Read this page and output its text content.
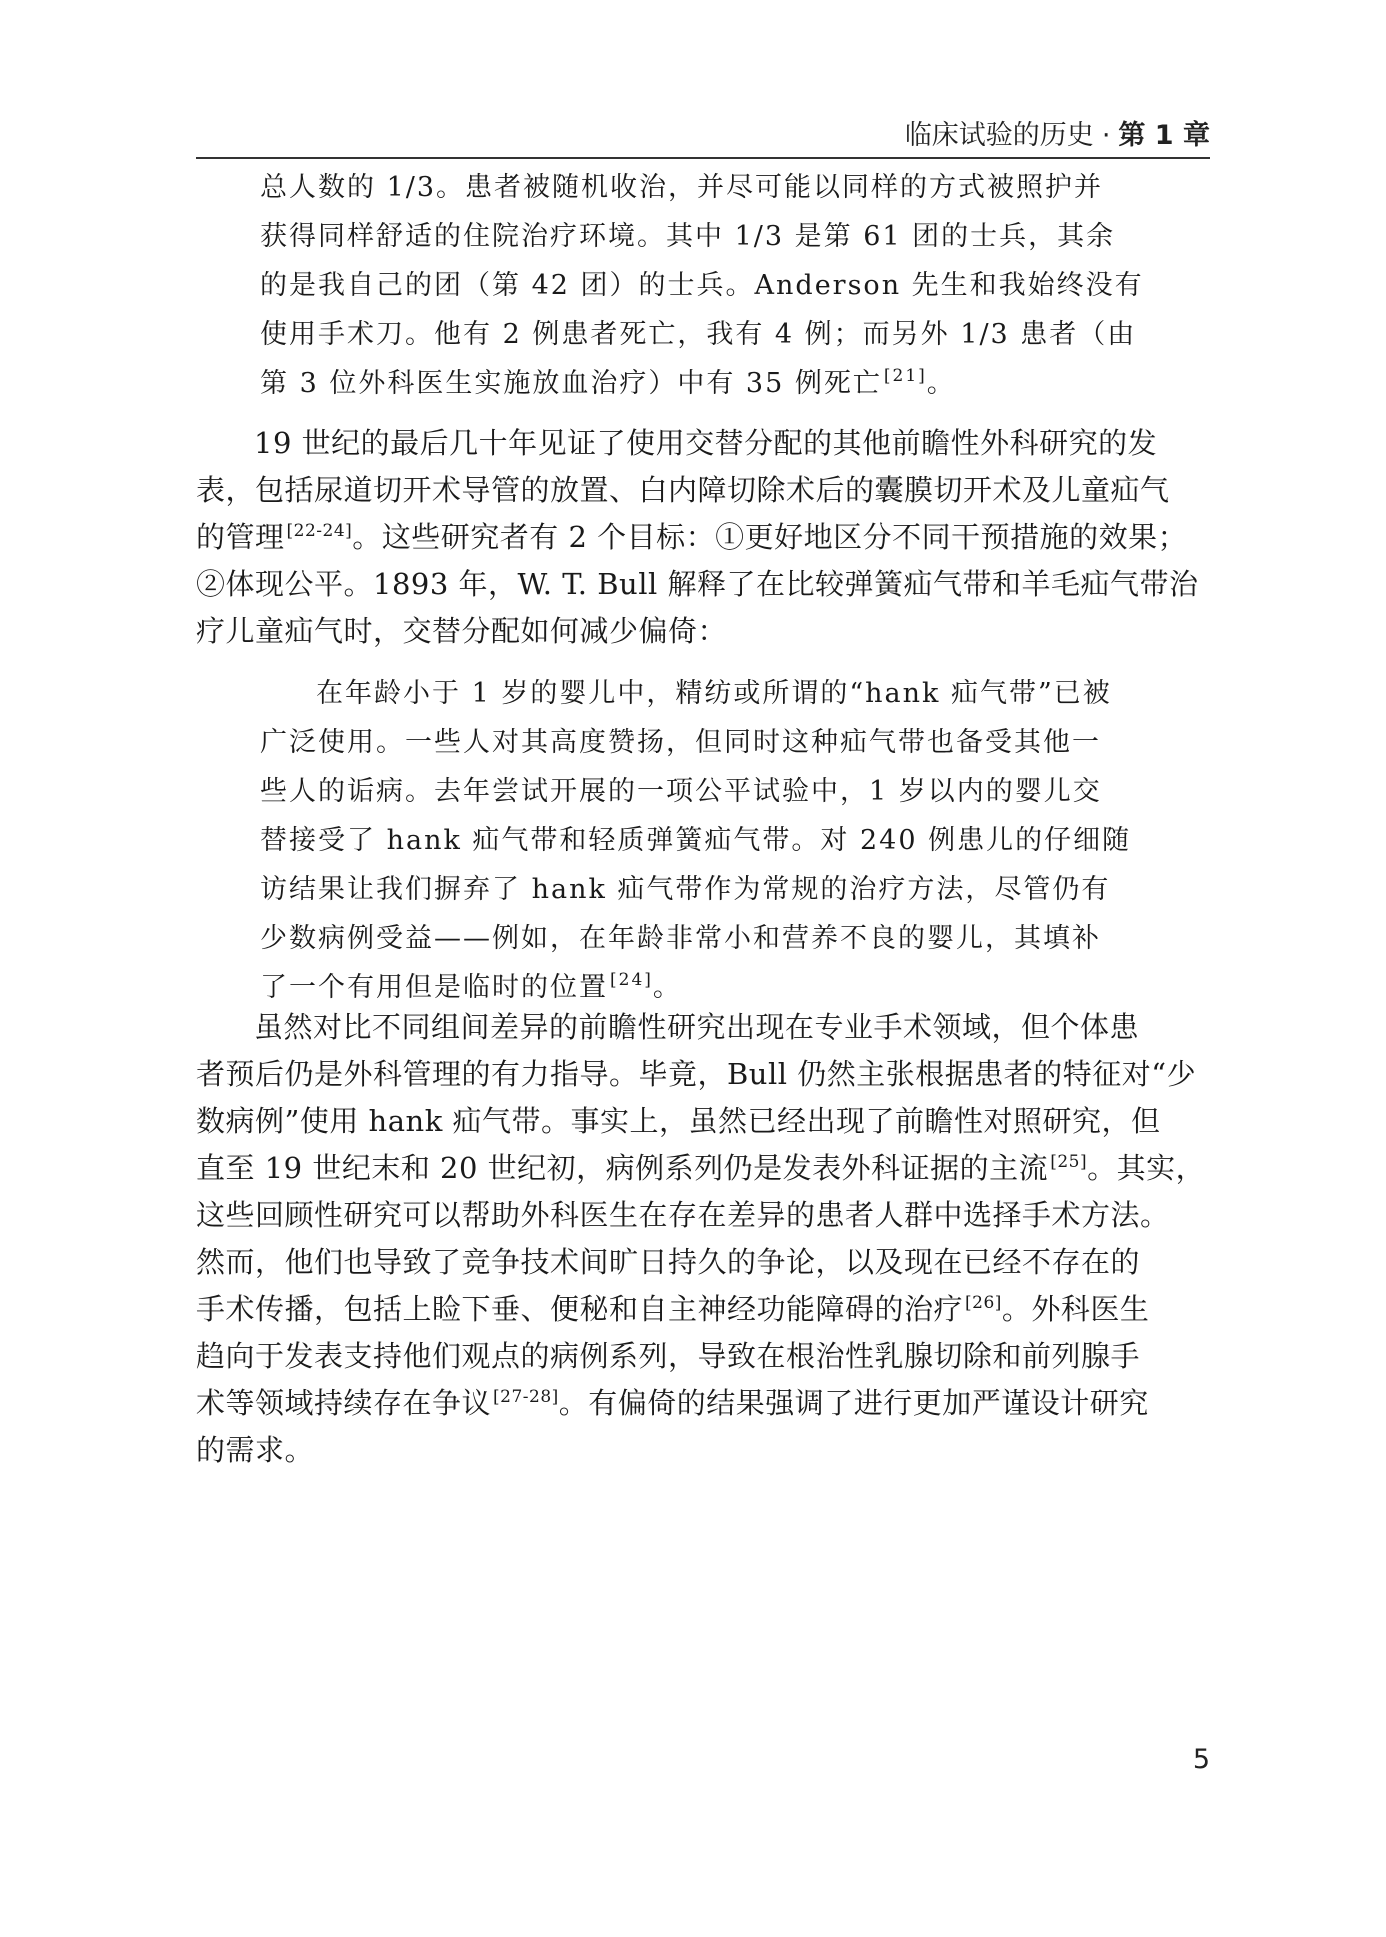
临床试验的历史 · 第 1 章
总人数的 1/3。患者被随机收治，并尽可能以同样的方式被照护并
获得同样舒适的住院治疗环境。其中 1/3 是第 61 团的士兵，其余
的是我自己的团（第 42 团）的士兵。Anderson 先生和我始终没有
使用手术刀。他有 2 例患者死亡，我有 4 例；而另外 1/3 患者（由
第 3 位外科医生实施放血治疗）中有 35 例死亡 [21]。
19 世纪的最后几十年见证了使用交替分配的其他前瞻性外科研究的发
表，包括尿道切开术导管的放置、白内障切除术后的囊膜切开术及儿童疝气
的管理 [22-24]。这些研究者有 2 个目标：①更好地区分不同干预措施的效果；
②体现公平。1893 年，W. T. Bull 解释了在比较弹簧疝气带和羊毛疝气带治
疗儿童疝气时，交替分配如何减少偏倚：
在年龄小于 1 岁的婴儿中，精纺或所谓的“hank 疝气带”已被
广泛使用。一些人对其高度赞扬，但同时这种疝气带也备受其他一
些人的诟病。去年尝试开展的一项公平试验中，1 岁以内的婴儿交
替接受了 hank 疝气带和轻质弹簧疝气带。对 240 例患儿的仔细随
访结果让我们摒弃了 hank 疝气带作为常规的治疗方法，尽管仍有
少数病例受益——例如，在年龄非常小和营养不良的婴儿，其填补
了一个有用但是临时的位置 [24]。
虽然对比不同组间差异的前瞻性研究出现在专业手术领域，但个体患
者预后仍是外科管理的有力指导。毕竟，Bull 仍然主张根据患者的特征对“少
数病例”使用 hank 疝气带。事实上，虽然已经出现了前瞻性对照研究，但
直至 19 世纪末和 20 世纪初，病例系列仍是发表外科证据的主流 [25]。其实，
这些回顾性研究可以帮助外科医生在存在差异的患者人群中选择手术方法。
然而，他们也导致了竞争技术间旷日持久的争论，以及现在已经不存在的
手术传播，包括上睑下垂、便秘和自主神经功能障碍的治疗 [26]。外科医生
趋向于发表支持他们观点的病例系列，导致在根治性乳腺切除和前列腺手
术等领域持续存在争议 [27-28]。有偏倚的结果强调了进行更加严谨设计研究
的需求。
5
